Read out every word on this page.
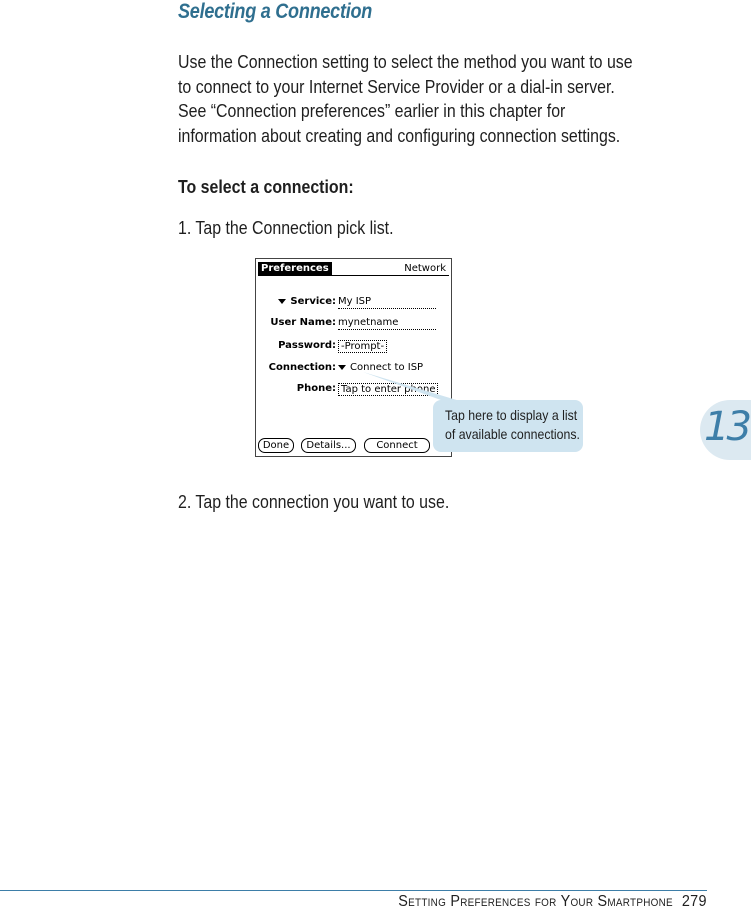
Selecting a Connection
Use the Connection setting to select the method you want to use
to connect to your Internet Service Provider or a dial-in server.
See “Connection preferences” earlier in this chapter for
information about creating and configuring connection settings.
To select a connection:
1. Tap the Connection pick list.
Preferences	Network
Service: My ISP
User Name: mynetname
Password: -Prompt-
Connection:	Connect to ISP
Phone: Tap to enter phone
Done	Details...	Connect
Tap here to display a list
of available connections.
2. Tap the connection you want to use.
13
Setting Preferences for Your Smartphone 279
